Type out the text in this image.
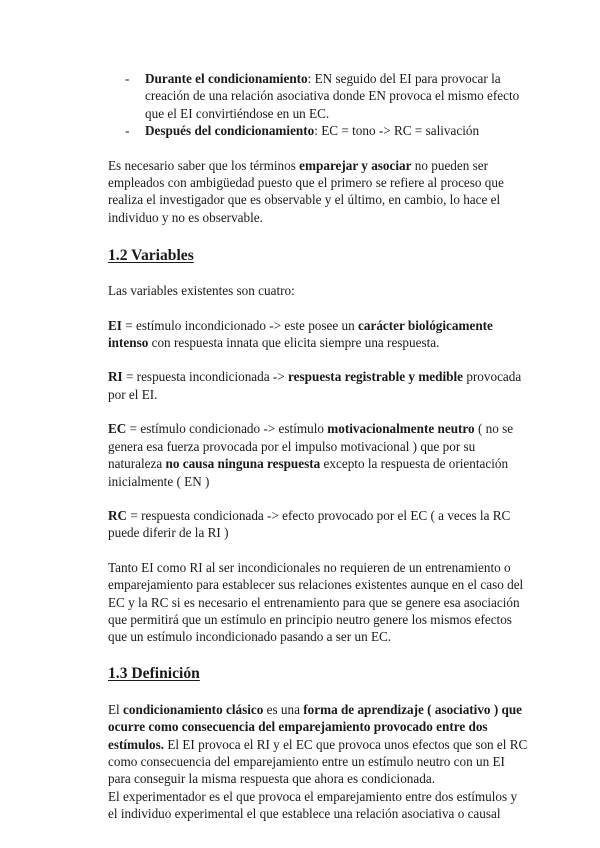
- Durante el condicionamiento: EN seguido del EI para provocar la creación de una relación asociativa donde EN provoca el mismo efecto que el EI convirtiéndose en un EC.
- Después del condicionamiento: EC = tono -> RC = salivación

Es necesario saber que los términos emparejar y asociar no pueden ser empleados con ambigüedad puesto que el primero se refiere al proceso que realiza el investigador que es observable y el último, en cambio, lo hace el individuo y no es observable.

1.2 Variables

Las variables existentes son cuatro:

EI = estímulo incondicionado -> este posee un carácter biológicamente intenso con respuesta innata que elicita siempre una respuesta.

RI = respuesta incondicionada -> respuesta registrable y medible provocada por el EI.

EC = estímulo condicionado -> estímulo motivacionalmente neutro ( no se genera esa fuerza provocada por el impulso motivacional ) que por su naturaleza no causa ninguna respuesta excepto la respuesta de orientación inicialmente ( EN )

RC = respuesta condicionada -> efecto provocado por el EC ( a veces la RC puede diferir de la RI )

Tanto EI como RI al ser incondicionales no requieren de un entrenamiento o emparejamiento para establecer sus relaciones existentes aunque en el caso del EC y la RC si es necesario el entrenamiento para que se genere esa asociación que permitirá que un estímulo en principio neutro genere los mismos efectos que un estímulo incondicionado pasando a ser un EC.

1.3 Definición

El condicionamiento clásico es una forma de aprendizaje ( asociativo ) que ocurre como consecuencia del emparejamiento provocado entre dos estímulos. El EI provoca el RI y el EC que provoca unos efectos que son el RC como consecuencia del emparejamiento entre un estímulo neutro con un EI para conseguir la misma respuesta que ahora es condicionada.

El experimentador es el que provoca el emparejamiento entre dos estímulos y el individuo experimental el que establece una relación asociativa o causal
